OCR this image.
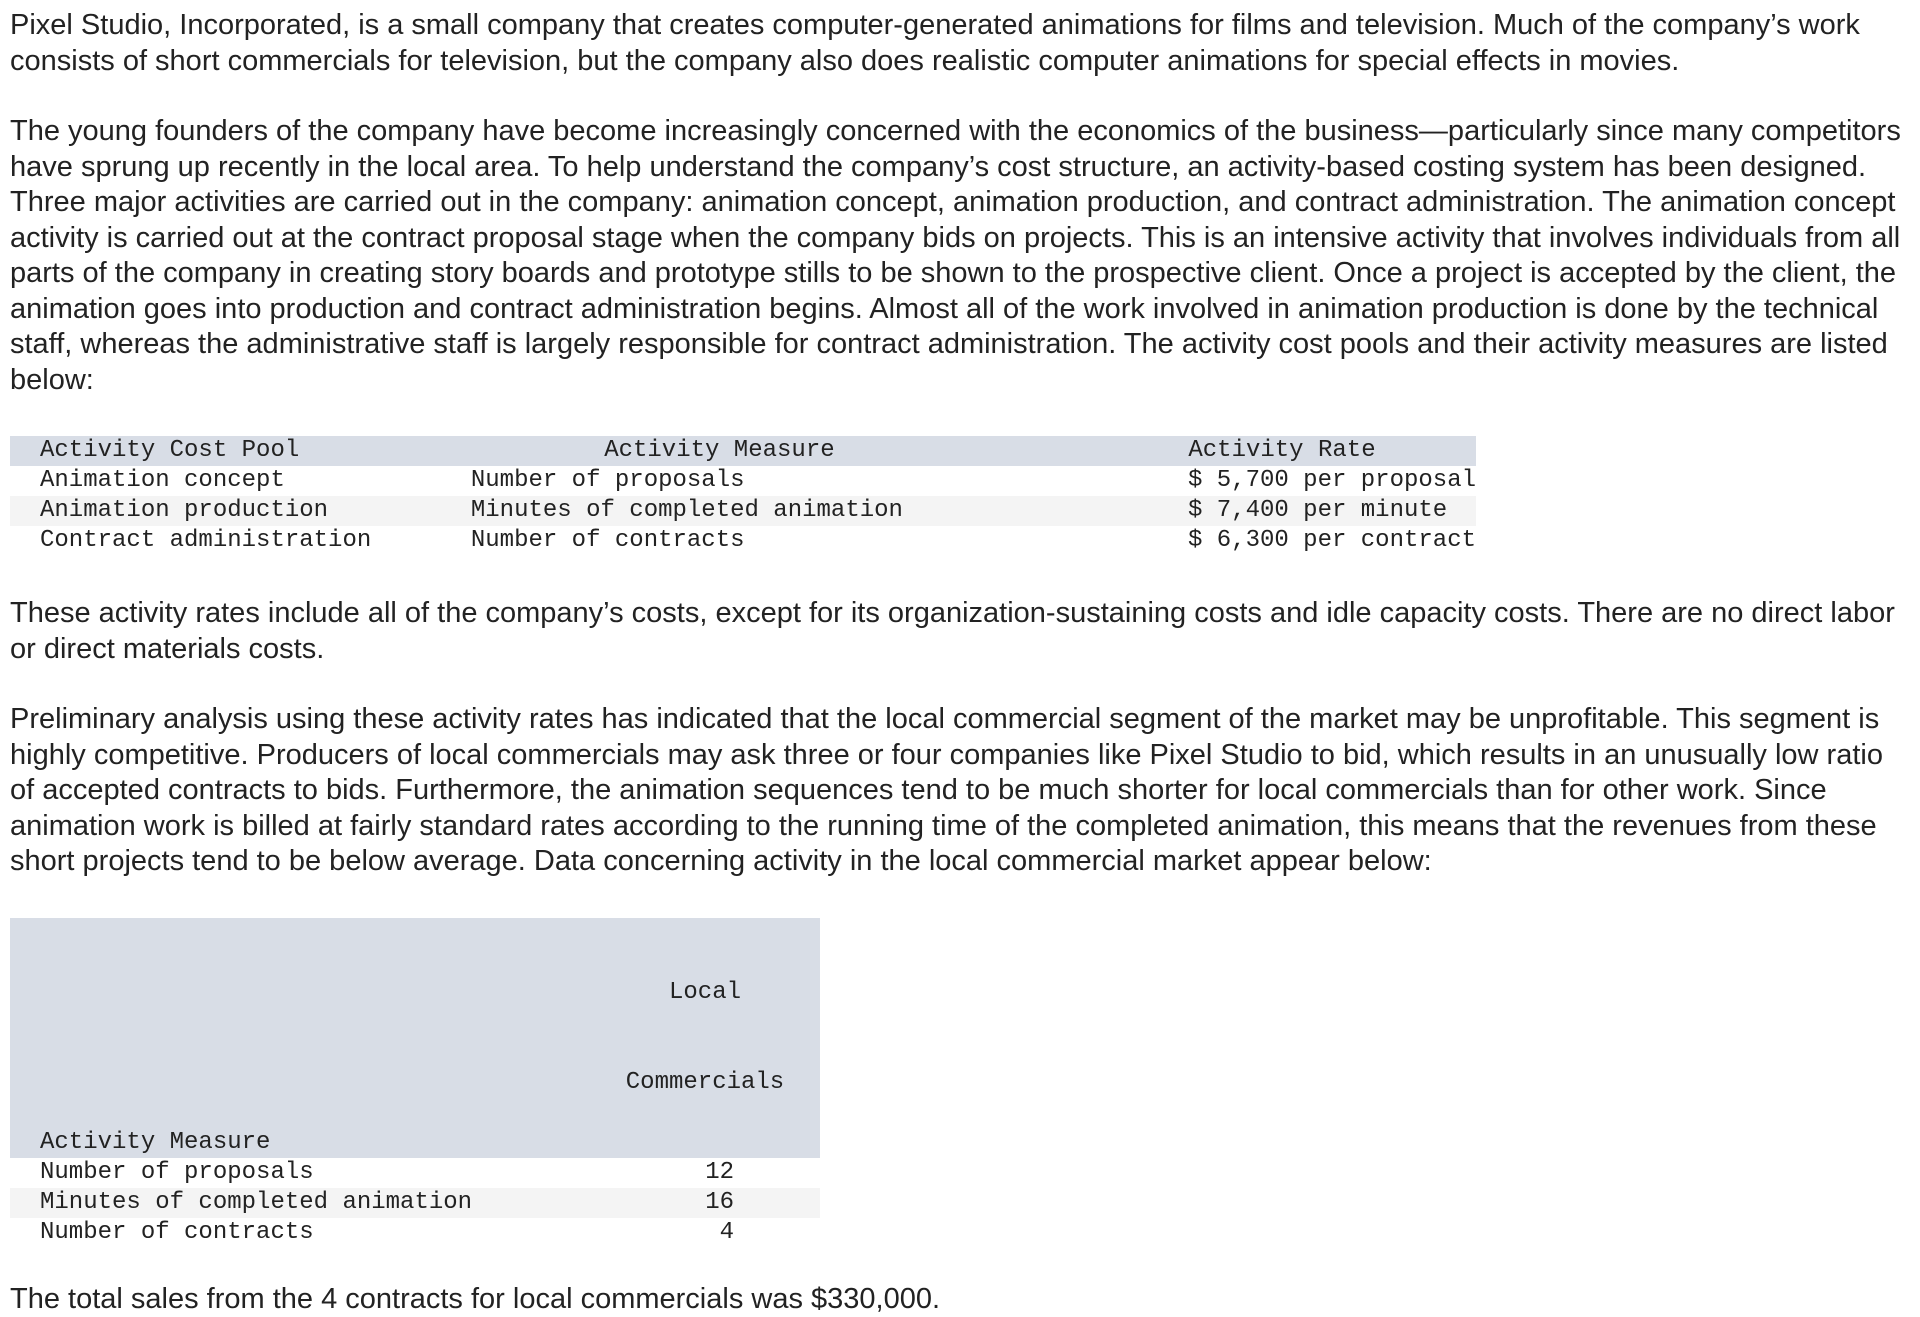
Pixel Studio, Incorporated, is a small company that creates computer-generated animations for films and television. Much of the company’s work consists of short commercials for television, but the company also does realistic computer animations for special effects in movies.

The young founders of the company have become increasingly concerned with the economics of the business—particularly since many competitors have sprung up recently in the local area. To help understand the company’s cost structure, an activity-based costing system has been designed. Three major activities are carried out in the company: animation concept, animation production, and contract administration. The animation concept activity is carried out at the contract proposal stage when the company bids on projects. This is an intensive activity that involves individuals from all parts of the company in creating story boards and prototype stills to be shown to the prospective client. Once a project is accepted by the client, the animation goes into production and contract administration begins. Almost all of the work involved in animation production is done by the technical staff, whereas the administrative staff is largely responsible for contract administration. The activity cost pools and their activity measures are listed below:

Activity Cost Pool	Activity Measure	Activity Rate
Animation concept	Number of proposals	$ 5,700 per proposal
Animation production	Minutes of completed animation	$ 7,400 per minute
Contract administration	Number of contracts	$ 6,300 per contract

These activity rates include all of the company’s costs, except for its organization-sustaining costs and idle capacity costs. There are no direct labor or direct materials costs.

Preliminary analysis using these activity rates has indicated that the local commercial segment of the market may be unprofitable. This segment is highly competitive. Producers of local commercials may ask three or four companies like Pixel Studio to bid, which results in an unusually low ratio of accepted contracts to bids. Furthermore, the animation sequences tend to be much shorter for local commercials than for other work. Since animation work is billed at fairly standard rates according to the running time of the completed animation, this means that the revenues from these short projects tend to be below average. Data concerning activity in the local commercial market appear below:

Activity Measure	Local

Commercials

Number of proposals	12
Minutes of completed animation	16
Number of contracts	4

The total sales from the 4 contracts for local commercials was $330,000.
